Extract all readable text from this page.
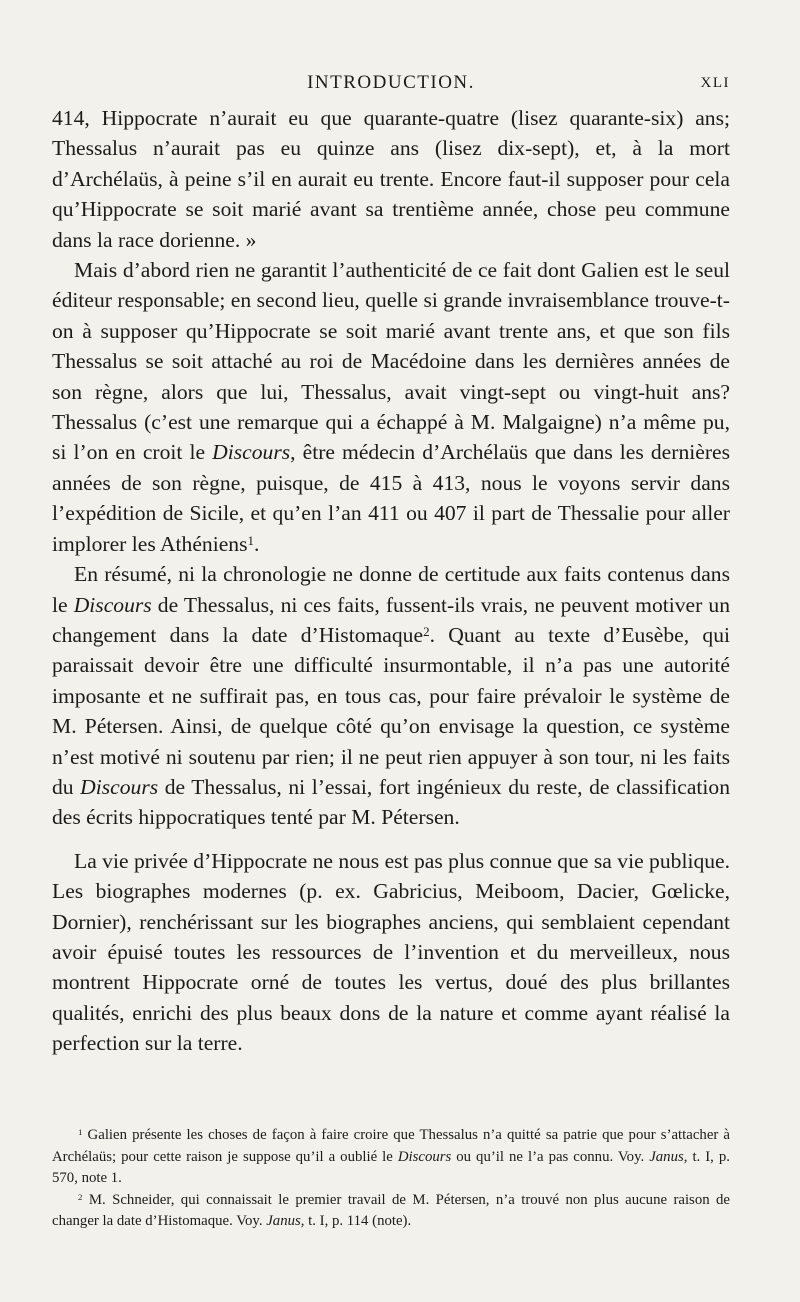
INTRODUCTION.	XLI

414, Hippocrate n’aurait eu que quarante-quatre (lisez quarante-six) ans; Thessalus n’aurait pas eu quinze ans (lisez dix-sept), et, à la mort d’Archélaüs, à peine s’il en aurait eu trente. Encore faut-il supposer pour cela qu’Hippocrate se soit marié avant sa trentième année, chose peu commune dans la race dorienne. »

Mais d’abord rien ne garantit l’authenticité de ce fait dont Galien est le seul éditeur responsable; en second lieu, quelle si grande invraisemblance trouve-t-on à supposer qu’Hippocrate se soit marié avant trente ans, et que son fils Thessalus se soit attaché au roi de Macédoine dans les dernières années de son règne, alors que lui, Thessalus, avait vingt-sept ou vingt-huit ans? Thessalus (c’est une remarque qui a échappé à M. Malgaigne) n’a même pu, si l’on en croit le Discours, être médecin d’Archélaüs que dans les dernières années de son règne, puisque, de 415 à 413, nous le voyons servir dans l’expédition de Sicile, et qu’en l’an 411 ou 407 il part de Thessalie pour aller implorer les Athéniens$^1$.

En résumé, ni la chronologie ne donne de certitude aux faits contenus dans le Discours de Thessalus, ni ces faits, fussent-ils vrais, ne peuvent motiver un changement dans la date d’Histomaque$^2$. Quant au texte d’Eusèbe, qui paraissait devoir être une difficulté insurmontable, il n’a pas une autorité imposante et ne suffirait pas, en tous cas, pour faire prévaloir le système de M. Pétersen. Ainsi, de quelque côté qu’on envisage la question, ce système n’est motivé ni soutenu par rien; il ne peut rien appuyer à son tour, ni les faits du Discours de Thessalus, ni l’essai, fort ingénieux du reste, de classification des écrits hippocratiques tenté par M. Pétersen.

La vie privée d’Hippocrate ne nous est pas plus connue que sa vie publique. Les biographes modernes (p. ex. Gabricius, Meiboom, Dacier, Gœlicke, Dornier), renchérissant sur les biographes anciens, qui semblaient cependant avoir épuisé toutes les ressources de l’invention et du merveilleux, nous montrent Hippocrate orné de toutes les vertus, doué des plus brillantes qualités, enrichi des plus beaux dons de la nature et comme ayant réalisé la perfection sur la terre.

$^1$ Galien présente les choses de façon à faire croire que Thessalus n’a quitté sa patrie que pour s’attacher à Archélaüs; pour cette raison je suppose qu’il a oublié le Discours ou qu’il ne l’a pas connu. Voy. Janus, t. I, p. 570, note 1.

$^2$ M. Schneider, qui connaissait le premier travail de M. Pétersen, n’a trouvé non plus aucune raison de changer la date d’Histomaque. Voy. Janus, t. I, p. 114 (note).
